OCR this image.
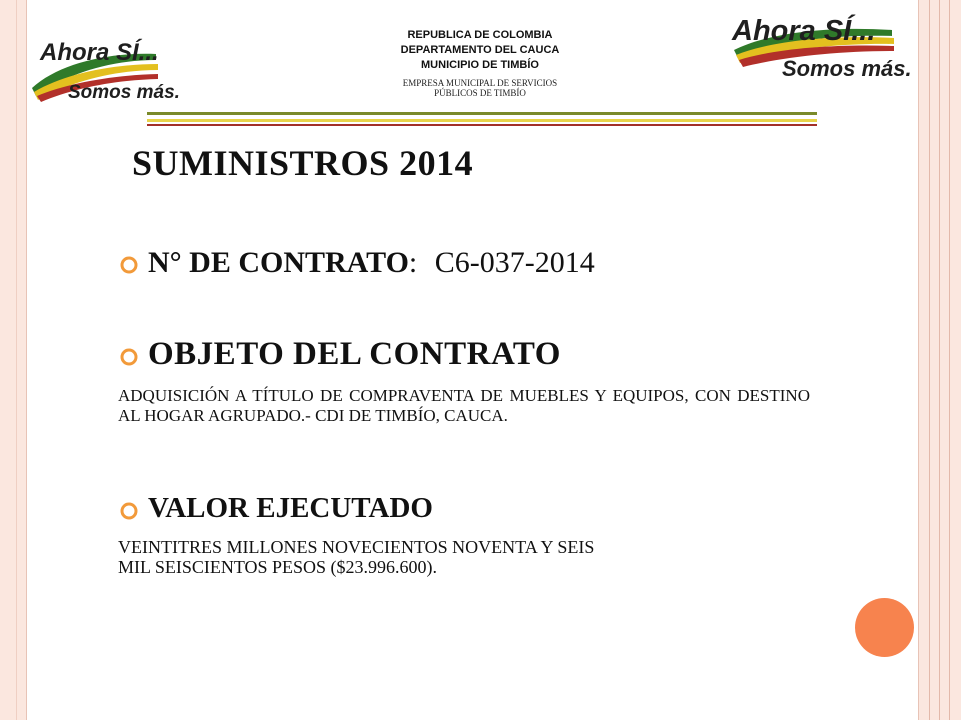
Ahora SÍ...
Somos más.
Ahora SÍ...
Somos más.
REPUBLICA DE COLOMBIA
DEPARTAMENTO DEL CAUCA
MUNICIPIO DE TIMBÍO
EMPRESA MUNICIPAL DE SERVICIOS
PÚBLICOS DE TIMBÍO
SUMINISTROS 2014
N° DE CONTRATO: C6-037-2014
OBJETO DEL CONTRATO
ADQUISICIÓN A TÍTULO DE COMPRAVENTA DE MUEBLES Y EQUIPOS, CON DESTINO AL HOGAR AGRUPADO.- CDI DE TIMBÍO, CAUCA.
VALOR EJECUTADO
VEINTITRES MILLONES NOVECIENTOS NOVENTA Y SEIS
MIL SEISCIENTOS PESOS ($23.996.600).
